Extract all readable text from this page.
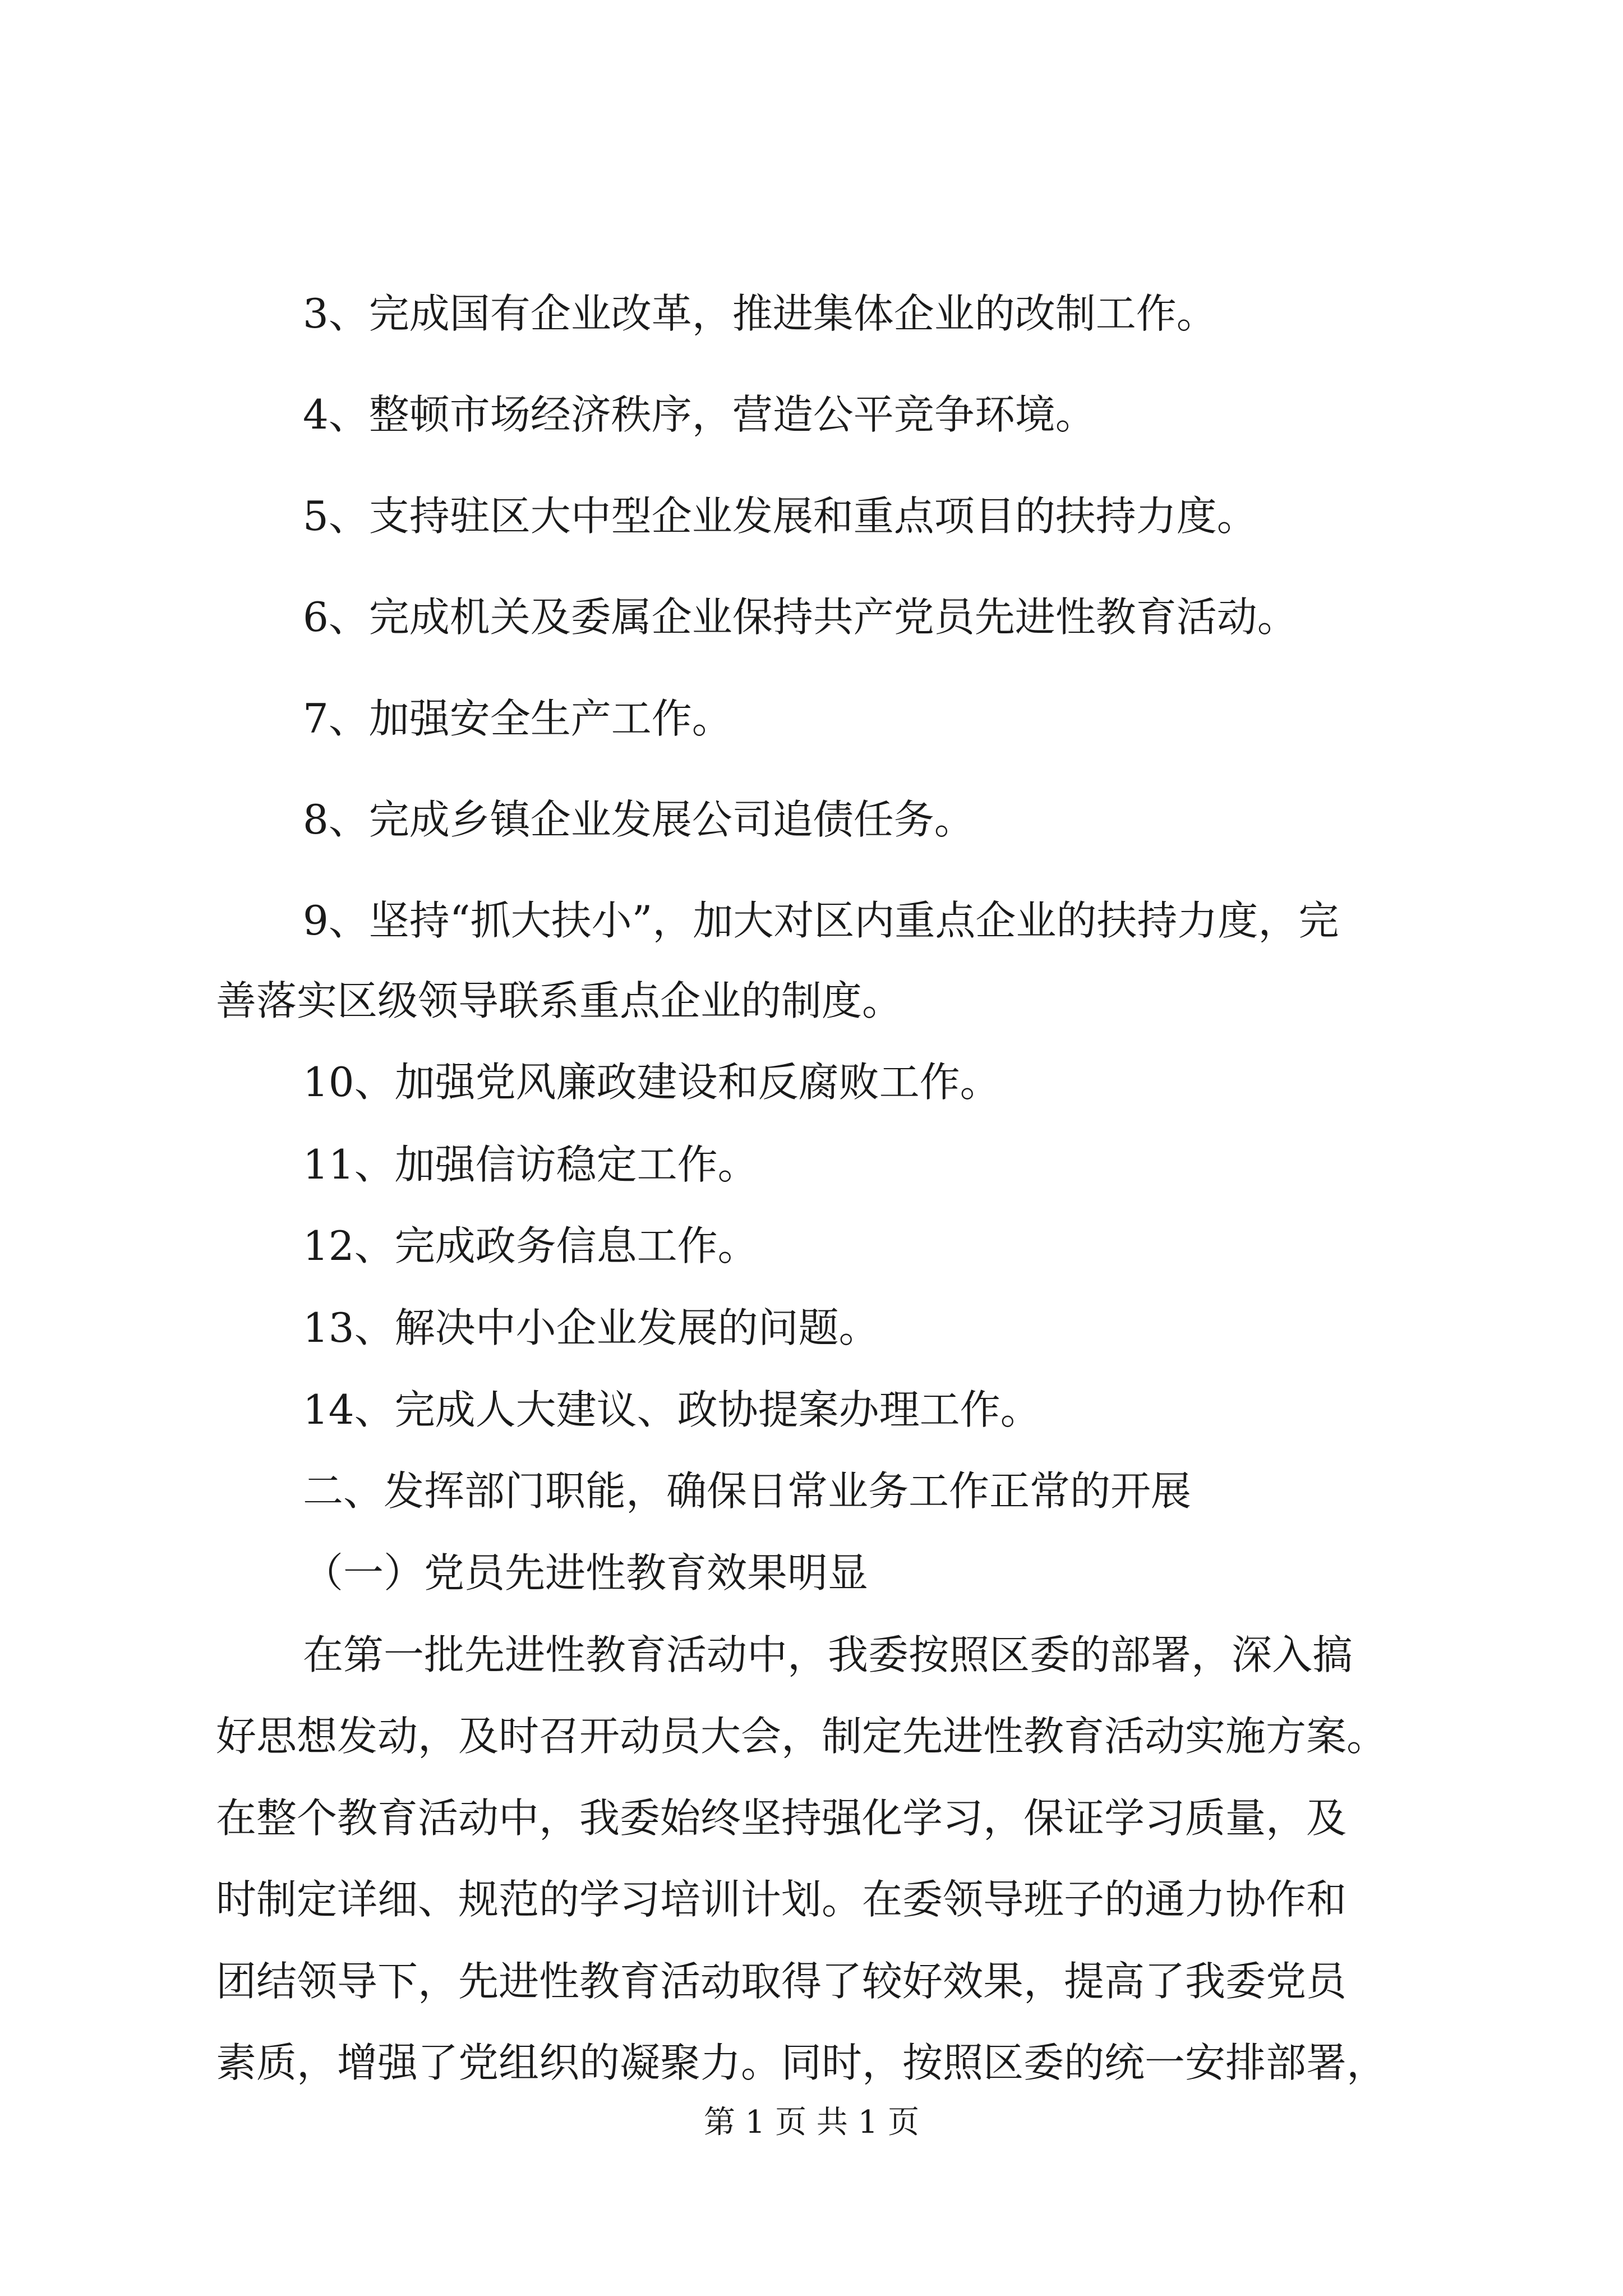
3、完成国有企业改革，推进集体企业的改制工作。

4、整顿市场经济秩序，营造公平竞争环境。

5、支持驻区大中型企业发展和重点项目的扶持力度。

6、完成机关及委属企业保持共产党员先进性教育活动。

7、加强安全生产工作。

8、完成乡镇企业发展公司追债任务。

9、坚持“抓大扶小”，加大对区内重点企业的扶持力度，完

善落实区级领导联系重点企业的制度。

10、加强党风廉政建设和反腐败工作。

11、加强信访稳定工作。

12、完成政务信息工作。

13、解决中小企业发展的问题。

14、完成人大建议、政协提案办理工作。

二、发挥部门职能，确保日常业务工作正常的开展
（一）党员先进性教育效果明显

在第一批先进性教育活动中，我委按照区委的部署，深入搞

好思想发动，及时召开动员大会，制定先进性教育活动实施方案。

在整个教育活动中，我委始终坚持强化学习，保证学习质量，及

时制定详细、规范的学习培训计划。在委领导班子的通力协作和

团结领导下，先进性教育活动取得了较好效果，提高了我委党员

素质，增强了党组织的凝聚力。同时，按照区委的统一安排部署，

第 1 页 共 1 页
